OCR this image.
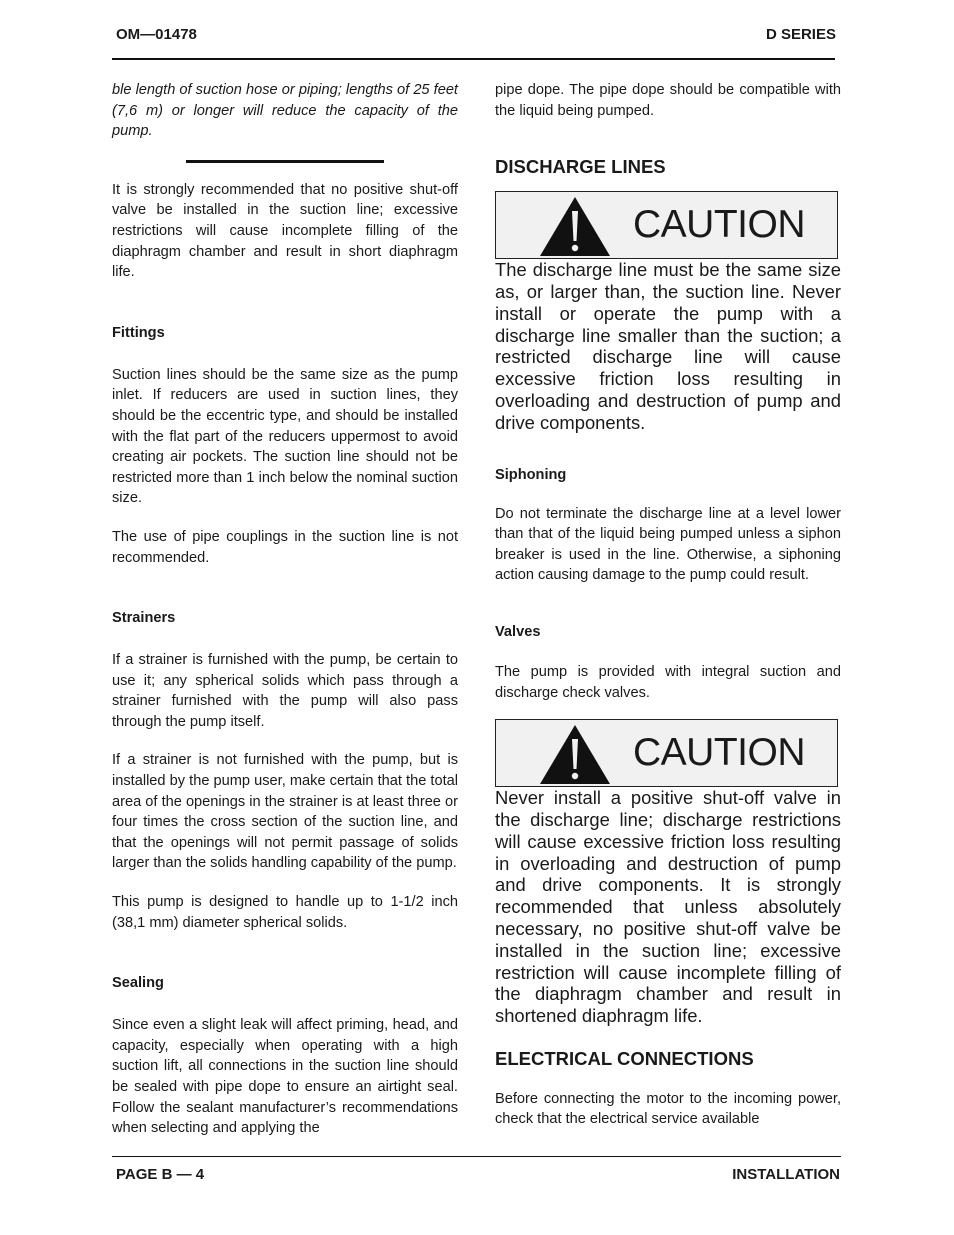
OM—01478	D SERIES

ble length of suction hose or piping; lengths of 25 feet (7,6 m) or longer will reduce the capacity of the pump.

It is strongly recommended that no positive shut-off valve be installed in the suction line; excessive restrictions will cause incomplete filling of the diaphragm chamber and result in short diaphragm life.

Fittings

Suction lines should be the same size as the pump inlet. If reducers are used in suction lines, they should be the eccentric type, and should be installed with the flat part of the reducers uppermost to avoid creating air pockets. The suction line should not be restricted more than 1 inch below the nominal suction size.

The use of pipe couplings in the suction line is not recommended.

Strainers

If a strainer is furnished with the pump, be certain to use it; any spherical solids which pass through a strainer furnished with the pump will also pass through the pump itself.

If a strainer is not furnished with the pump, but is installed by the pump user, make certain that the total area of the openings in the strainer is at least three or four times the cross section of the suction line, and that the openings will not permit passage of solids larger than the solids handling capability of the pump.

This pump is designed to handle up to 1-1/2 inch (38,1 mm) diameter spherical solids.

Sealing

Since even a slight leak will affect priming, head, and capacity, especially when operating with a high suction lift, all connections in the suction line should be sealed with pipe dope to ensure an airtight seal. Follow the sealant manufacturer’s recommendations when selecting and applying the

pipe dope. The pipe dope should be compatible with the liquid being pumped.

DISCHARGE LINES
CAUTION

The discharge line must be the same size as, or larger than, the suction line. Never install or operate the pump with a discharge line smaller than the suction; a restricted discharge line will cause excessive friction loss resulting in overloading and destruction of pump and drive components.

Siphoning

Do not terminate the discharge line at a level lower than that of the liquid being pumped unless a siphon breaker is used in the line. Otherwise, a siphoning action causing damage to the pump could result.

Valves

The pump is provided with integral suction and discharge check valves.

CAUTION

Never install a positive shut-off valve in the discharge line; discharge restrictions will cause excessive friction loss resulting in overloading and destruction of pump and drive components. It is strongly recommended that unless absolutely necessary, no positive shut-off valve be installed in the suction line; excessive restriction will cause incomplete filling of the diaphragm chamber and result in shortened diaphragm life.

ELECTRICAL CONNECTIONS

Before connecting the motor to the incoming power, check that the electrical service available

PAGE B — 4	INSTALLATION
